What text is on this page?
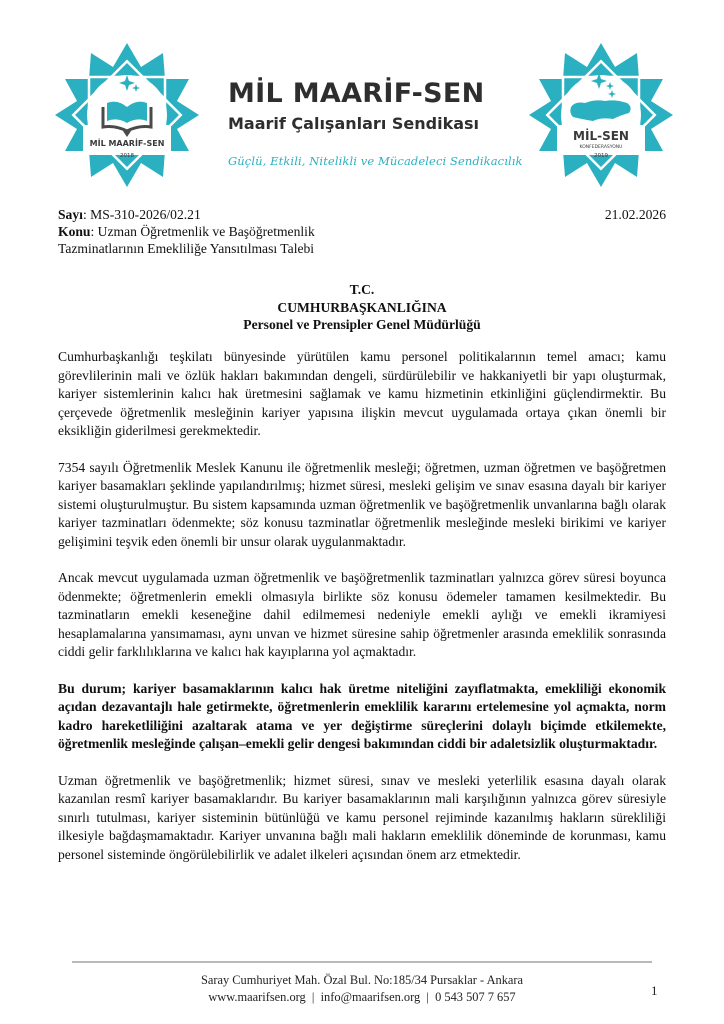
MİL MAARİF-SEN
2018
MİL MAARİF-SEN
Maarif Çalışanları Sendikası
Güçlü, Etkili, Nitelikli ve Mücadeleci Sendikacılık
MİL-SEN
KONFEDERASYONU
2019
Sayı: MS-310-2026/02.21
Konu: Uzman Öğretmenlik ve Başöğretmenlik
Tazminatlarının Emekliliğe Yansıtılması Talebi
21.02.2026
T.C.
CUMHURBAŞKANLIĞINA
Personel ve Prensipler Genel Müdürlüğü

Cumhurbaşkanlığı teşkilatı bünyesinde yürütülen kamu personel politikalarının temel amacı; kamu görevlilerinin mali ve özlük hakları bakımından dengeli, sürdürülebilir ve hakkaniyetli bir yapı oluşturmak, kariyer sistemlerinin kalıcı hak üretmesini sağlamak ve kamu hizmetinin etkinliğini güçlendirmektir. Bu çerçevede öğretmenlik mesleğinin kariyer yapısına ilişkin mevcut uygulamada ortaya çıkan önemli bir eksikliğin giderilmesi gerekmektedir.

7354 sayılı Öğretmenlik Meslek Kanunu ile öğretmenlik mesleği; öğretmen, uzman öğretmen ve başöğretmen kariyer basamakları şeklinde yapılandırılmış; hizmet süresi, mesleki gelişim ve sınav esasına dayalı bir kariyer sistemi oluşturulmuştur. Bu sistem kapsamında uzman öğretmenlik ve başöğretmenlik unvanlarına bağlı olarak kariyer tazminatları ödenmekte; söz konusu tazminatlar öğretmenlik mesleğinde mesleki birikimi ve kariyer gelişimini teşvik eden önemli bir unsur olarak uygulanmaktadır.

Ancak mevcut uygulamada uzman öğretmenlik ve başöğretmenlik tazminatları yalnızca görev süresi boyunca ödenmekte; öğretmenlerin emekli olmasıyla birlikte söz konusu ödemeler tamamen kesilmektedir. Bu tazminatların emekli keseneğine dahil edilmemesi nedeniyle emekli aylığı ve emekli ikramiyesi hesaplamalarına yansımaması, aynı unvan ve hizmet süresine sahip öğretmenler arasında emeklilik sonrasında ciddi gelir farklılıklarına ve kalıcı hak kayıplarına yol açmaktadır.

Bu durum; kariyer basamaklarının kalıcı hak üretme niteliğini zayıflatmakta, emekliliği ekonomik açıdan dezavantajlı hale getirmekte, öğretmenlerin emeklilik kararını ertelemesine yol açmakta, norm kadro hareketliliğini azaltarak atama ve yer değiştirme süreçlerini dolaylı biçimde etkilemekte, öğretmenlik mesleğinde çalışan–emekli gelir dengesi bakımından ciddi bir adaletsizlik oluşturmaktadır.

Uzman öğretmenlik ve başöğretmenlik; hizmet süresi, sınav ve mesleki yeterlilik esasına dayalı olarak kazanılan resmî kariyer basamaklarıdır. Bu kariyer basamaklarının mali karşılığının yalnızca görev süresiyle sınırlı tutulması, kariyer sisteminin bütünlüğü ve kamu personel rejiminde kazanılmış hakların sürekliliği ilkesiyle bağdaşmamaktadır. Kariyer unvanına bağlı mali hakların emeklilik döneminde de korunması, kamu personel sisteminde öngörülebilirlik ve adalet ilkeleri açısından önem arz etmektedir.

Saray Cumhuriyet Mah. Özal Bul. No:185/34 Pursaklar - Ankara
www.maarifsen.org  |  info@maarifsen.org  |  0 543 507 7 657	1
